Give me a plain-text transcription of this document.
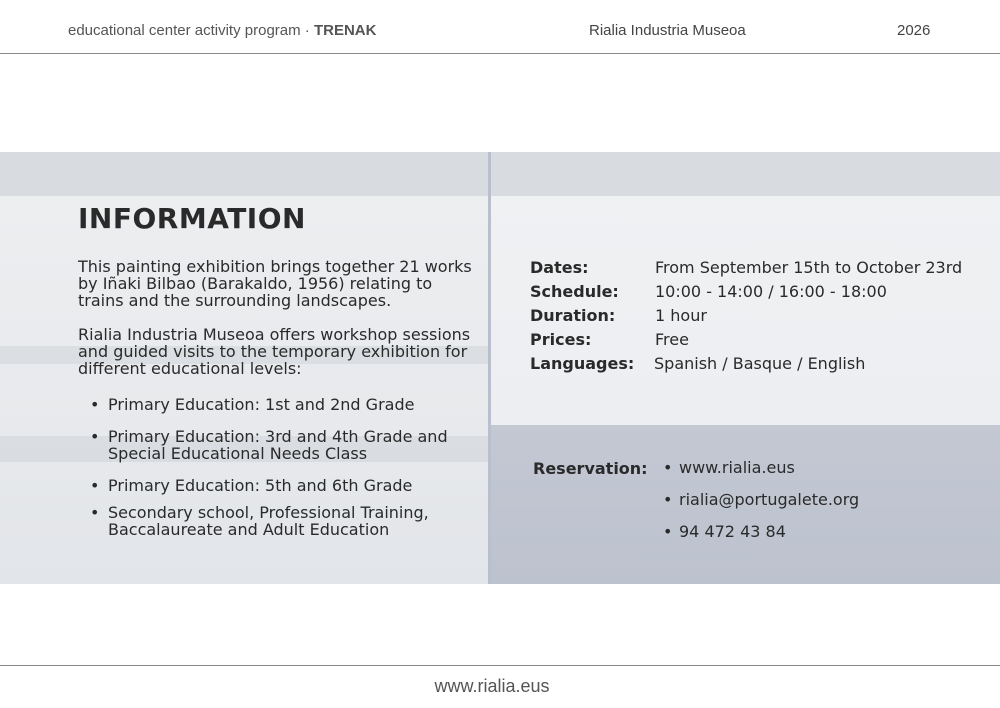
educational center activity program · TRENAK	Rialia Industria Museoa	2026
INFORMATION

This painting exhibition brings together 21 works by Iñaki Bilbao (Barakaldo, 1956) relating to trains and the surrounding landscapes.

Rialia Industria Museoa offers workshop sessions and guided visits to the temporary exhibition for different educational levels:

• Primary Education: 1st and 2nd Grade
• Primary Education: 3rd and 4th Grade and Special Educational Needs Class
• Primary Education: 5th and 6th Grade
• Secondary school, Professional Training, Baccalaureate and Adult Education
Dates:	From September 15th to October 23rd
Schedule: 10:00 - 14:00 / 16:00 - 18:00
Duration: 1 hour
Prices:	Free
Languages: Spanish / Basque / English
Reservation:
• www.rialia.eus
• rialia@portugalete.org
• 94 472 43 84
www.rialia.eus
